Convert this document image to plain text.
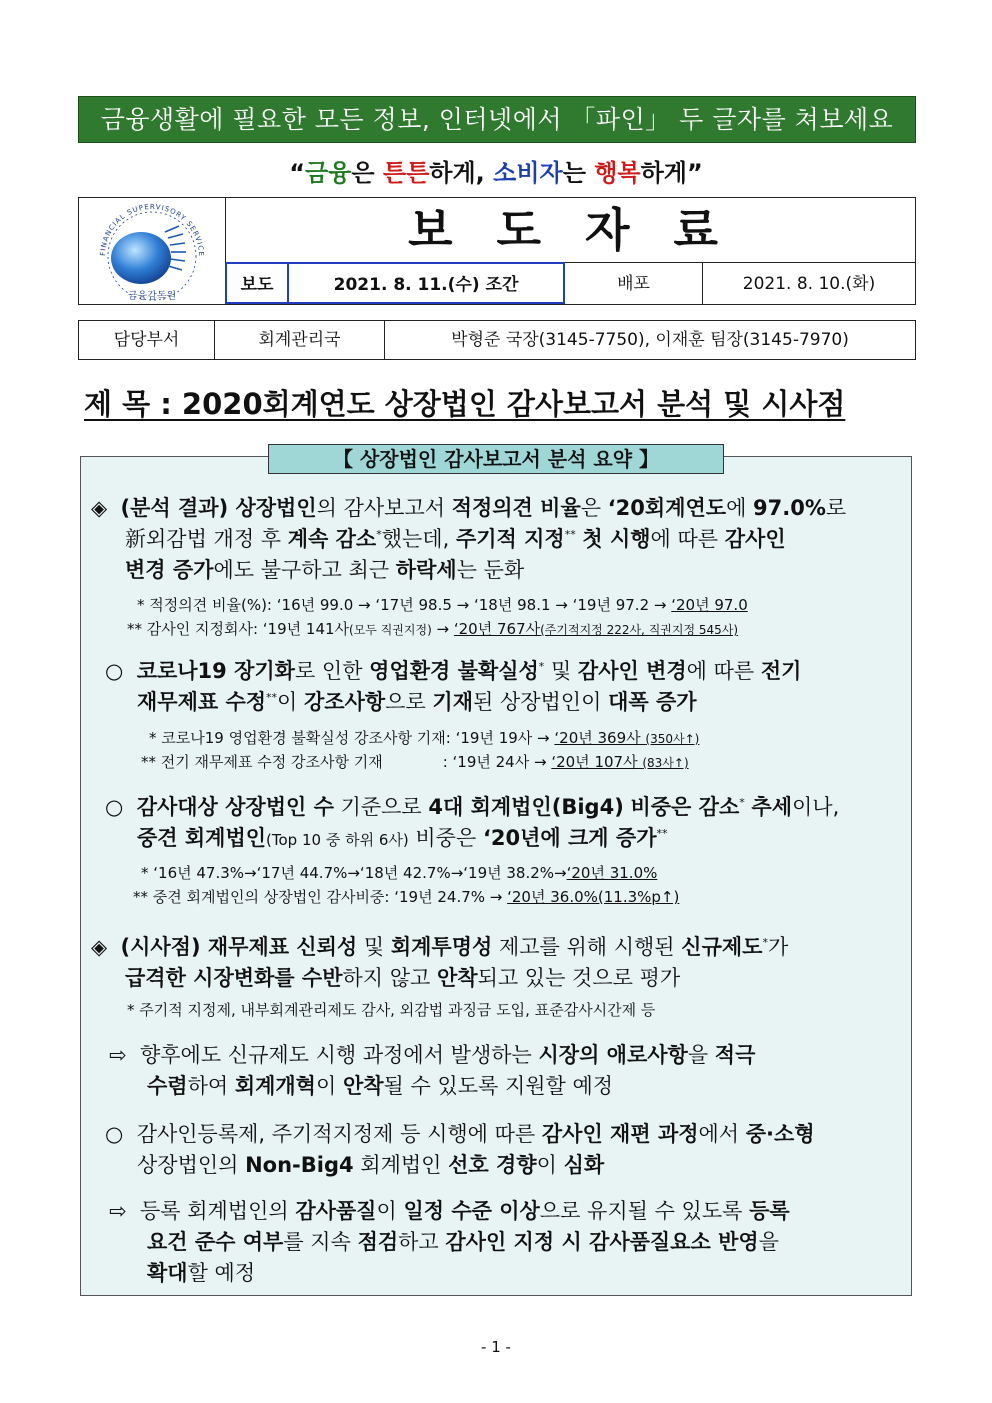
금융생활에 필요한 모든 정보, 인터넷에서 「파인」 두 글자를 쳐보세요
“금융은 튼튼하게, 소비자는 행복하게”
FINANCIAL SUPERVISORY SERVICE
금융감독원
보 도 자 료
보도	2021. 8. 11.(수) 조간	배포	2021. 8. 10.(화)
담당부서	회계관리국	박형준 국장(3145-7750), 이재훈 팀장(3145-7970)
제 목 : 2020회계연도 상장법인 감사보고서 분석 및 시사점
◈ (분석 결과) 상장법인의 감사보고서 적정의견 비율은 ‘20회계연도에 97.0%로
新외감법 개정 후 계속 감소*했는데, 주기적 지정** 첫 시행에 따른 감사인
변경 증가에도 불구하고 최근 하락세는 둔화
* 적정의견 비율(%): ‘16년 99.0 → ‘17년 98.5 → ‘18년 98.1 → ‘19년 97.2 → ‘20년 97.0
** 감사인 지정회사: ‘19년 141사(모두 직권지정) → ‘20년 767사(주기적지정 222사, 직권지정 545사)
○ 코로나19 장기화로 인한 영업환경 불확실성* 및 감사인 변경에 따른 전기
재무제표 수정**이 강조사항으로 기재된 상장법인이 대폭 증가
* 코로나19 영업환경 불확실성 강조사항 기재: ‘19년 19사 → ‘20년 369사 (350사↑)
** 전기 재무제표 수정 강조사항 기재	: ‘19년 24사 → ‘20년 107사 (83사↑)
○ 감사대상 상장법인 수 기준으로 4대 회계법인(Big4) 비중은 감소* 추세이나,
중견 회계법인(Top 10 중 하위 6사) 비중은 ‘20년에 크게 증가**
* ‘16년 47.3%→‘17년 44.7%→‘18년 42.7%→‘19년 38.2%→‘20년 31.0%
** 중견 회계법인의 상장법인 감사비중: ‘19년 24.7% → ‘20년 36.0%(11.3%p↑)
◈ (시사점) 재무제표 신뢰성 및 회계투명성 제고를 위해 시행된 신규제도*가
급격한 시장변화를 수반하지 않고 안착되고 있는 것으로 평가
* 주기적 지정제, 내부회계관리제도 감사, 외감법 과징금 도입, 표준감사시간제 등
⇨ 향후에도 신규제도 시행 과정에서 발생하는 시장의 애로사항을 적극
수렴하여 회계개혁이 안착될 수 있도록 지원할 예정
○ 감사인등록제, 주기적지정제 등 시행에 따른 감사인 재편 과정에서 중·소형
상장법인의 Non-Big4 회계법인 선호 경향이 심화
⇨ 등록 회계법인의 감사품질이 일정 수준 이상으로 유지될 수 있도록 등록
요건 준수 여부를 지속 점검하고 감사인 지정 시 감사품질요소 반영을
확대할 예정
【 상장법인 감사보고서 분석 요약 】
- 1 -
